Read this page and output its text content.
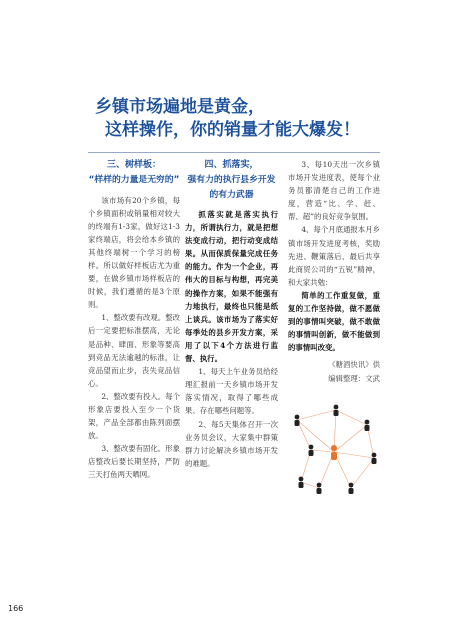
乡镇市场遍地是黄金，
这样操作，你的销量才能大爆发！
三、树样板：
“样样的力量是无穷的”

该市场有20个乡镇，每个乡镇面积或销量相对较大的终端有1-3家，做好这1-3家终端店，将会给本乡镇的其他终端树一个学习的榜样。所以做好样板店尤为重要，在做乡镇市场样板店的时候，我们遵循的是3个原则。

1、整改要有改观。整改后一定要把标准摆高，无论是品种、肆面、形象等要高到竞品无法逾越的标准，让竞品望而止步，丧失竞品信心。

2、整改要有投入。每个形象店要投入至少一个货架，产品全部都由陈列面摆放。

3、整改要有固化。形象店整改后要长期坚持，严防三天打鱼两天晒网。

四、抓落实，
强有力的执行县乡开发的有力武器

抓落实就是落实执行力，所谓执行力，就是把想法变成行动，把行动变成结果。从而保质保量完成任务的能力。作为一个企业，再伟大的目标与构想，再完美的操作方案，如果不能强有力地执行，最终也只能是纸上谈兵。该市场为了落实好每季处的县乡开发方案，采用了以下4个方法进行监督、执行。

1、每天上午业务员给经理汇报前一天乡镇市场开发落实情况，取得了哪些成果、存在哪些问题等。

2、每5天集体召开一次业务员会议，大家集中群策群力讨论解决乡镇市场开发的难题。

3、每10天出一次乡镇市场开发进度表，使每个业务员都清楚自己的工作进度，营造“比、学、赶、帮、超”的良好竞争氛围。

4、每个月底通报本月乡镇市场开发进度考核，奖励先进、鞭策落后、最后共享此商贸公司的“五锐”精神，和大家共勉：

简单的工作重复做，重复的工作坚持做，做不愿做到的事情叫突破，做不敢做的事情叫创新，做不能做到的事情叫改变。

《糖酒快讯》供
编辑整理：文武
166
